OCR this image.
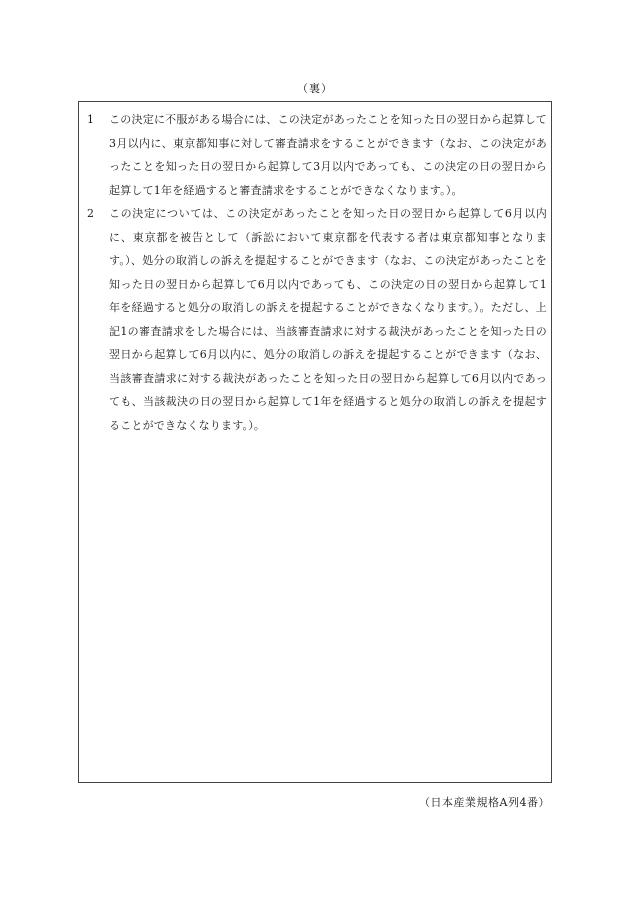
（裏）
1	この決定に不服がある場合には、この決定があったことを知った日の翌日から起算して3月以内に、東京都知事に対して審査請求をすることができます（なお、この決定があったことを知った日の翌日から起算して3月以内であっても、この決定の日の翌日から起算して1年を経過すると審査請求をすることができなくなります。）。
2	この決定については、この決定があったことを知った日の翌日から起算して6月以内に、東京都を被告として（訴訟において東京都を代表する者は東京都知事となります。）、処分の取消しの訴えを提起することができます（なお、この決定があったことを知った日の翌日から起算して6月以内であっても、この決定の日の翌日から起算して1年を経過すると処分の取消しの訴えを提起することができなくなります。）。ただし、上記1の審査請求をした場合には、当該審査請求に対する裁決があったことを知った日の翌日から起算して6月以内に、処分の取消しの訴えを提起することができます（なお、当該審査請求に対する裁決があったことを知った日の翌日から起算して6月以内であっても、当該裁決の日の翌日から起算して1年を経過すると処分の取消しの訴えを提起することができなくなります。）。
（日本産業規格A列4番）
